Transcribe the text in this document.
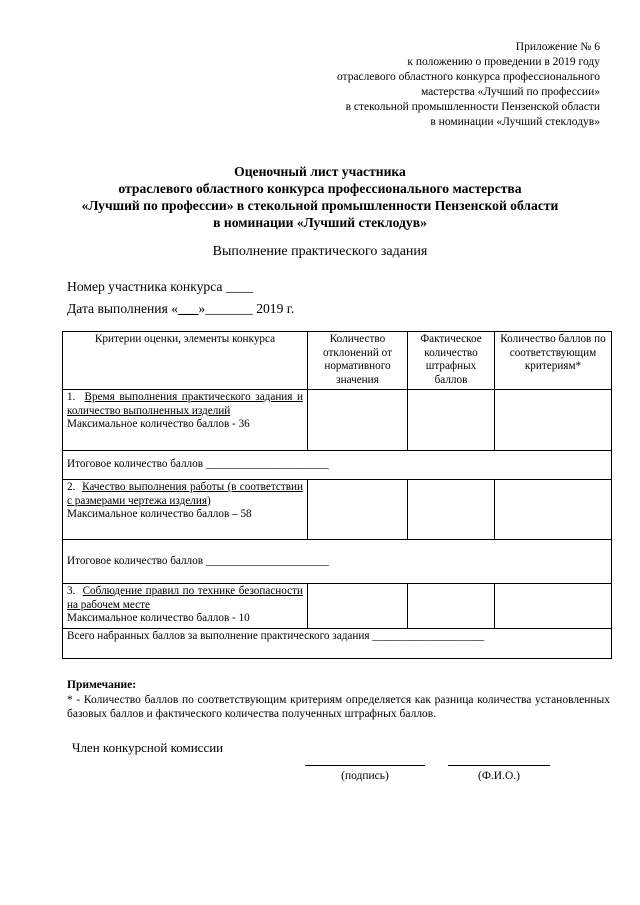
Приложение № 6
к положению о проведении в 2019 году
отраслевого областного конкурса профессионального
мастерства «Лучший по профессии»
в стекольной промышленности Пензенской области
в номинации «Лучший стеклодув»
Оценочный лист участника
отраслевого областного конкурса профессионального мастерства
«Лучший по профессии» в стекольной промышленности Пензенской области
в номинации «Лучший стеклодув»
Выполнение практического задания
Номер участника конкурса ____
Дата выполнения «___»_______ 2019 г.
Критерии оценки, элементы конкурса	Количество отклонений от нормативного значения	Фактическое количество штрафных баллов	Количество баллов по соответствующим критериям*
1. Время выполнения практического задания и количество выполненных изделий
Максимальное количество баллов - 36			
Итоговое количество баллов ______________________			
2. Качество выполнения работы (в соответствии с размерами чертежа изделия)
Максимальное количество баллов – 58			
Итоговое количество баллов ______________________			
3. Соблюдение правил по технике безопасности на рабочем месте
Максимальное количество баллов - 10			
Всего набранных баллов за выполнение практического задания ____________________			
Примечание:
* - Количество баллов по соответствующим критериям определяется как разница количества установленных базовых баллов и фактического количества полученных штрафных баллов.
Член конкурсной комиссии
(подпись)	(Ф.И.О.)
